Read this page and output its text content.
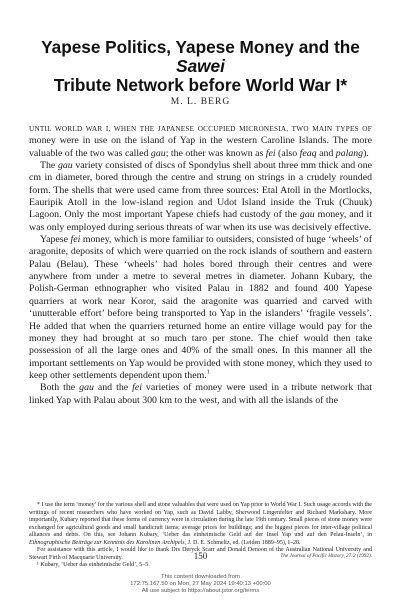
Yapese Politics, Yapese Money and the Sawei
Tribute Network before World War I*
M. L. BERG

UNTIL WORLD WAR I, WHEN THE JAPANESE OCCUPIED MICRONESIA, TWO MAIN TYPES OF money were in use on the island of Yap in the western Caroline Islands. The more valuable of the two was called gau; the other was known as fei (also feaq and palang).

The gau variety consisted of discs of Spondylus shell about three mm thick and one cm in diameter, bored through the centre and strung on strings in a crudely rounded form. The shells that were used came from three sources: Etal Atoll in the Mortlocks, Eauripik Atoll in the low-island region and Udot Island inside the Truk (Chuuk) Lagoon. Only the most important Yapese chiefs had custody of the gau money, and it was only employed during serious threats of war when its use was decisively effective.

Yapese fei money, which is more familiar to outsiders, consisted of huge ‘wheels’ of aragonite, deposits of which were quarried on the rock islands of southern and eastern Palau (Belau). These ‘wheels’ had holes bored through their centres and were anywhere from under a metre to several metres in diameter. Johann Kubary, the Polish-German ethnographer who visited Palau in 1882 and found 400 Yapese quarriers at work near Koror, said the aragonite was quarried and carved with ‘unutterable effort’ before being transported to Yap in the islanders’ ‘fragile vessels’. He added that when the quarriers returned home an entire village would pay for the money they had brought at so much taro per stone. The chief would then take possession of all the large ones and 40% of the small ones. In this manner all the important settlements on Yap would be provided with stone money, which they used to keep other settlements dependent upon them.$^1$

Both the gau and the fei varieties of money were used in a tribute network that linked Yap with Palau about 300 km to the west, and with all the islands of the

* I use the term ‘money’ for the various shell and stone valuables that were used on Yap prior to World War I. Such usage accords with the writings of recent researchers who have worked on Yap, such as David Labby, Sherwood Lingenfelter and Richard Markshary. More importantly, Kubary reported that these forms of currency were in circulation during the late 19th century. Small pieces of stone money were exchanged for agricultural goods and small handicraft items; average prices for buildings; and the biggest pieces for inter-village political alliances and debts. On this, see Johann Kubary, ‘Ueber das einheimische Geld auf der Insel Yap und auf den Pelau-Inseln’, in Ethnographische Beiträge zur Kenntnis des Karolinen Archipels, J. D. E. Schmeltz, ed. (Leiden 1889–95), I–28.

For assistance with this article, I would like to thank Drs Deryck Scarr and Donald Denoon of the Australian National University and Stewart Firth of Macquarie University.

¹ Kubary, ‘Ueber das einheimische Geld’, 5–5.

150	The Journal of Pacific History, 27:2 (1992).
This content downloaded from
172.75.167.50 on Mon, 27 May 2024 19:40:13 +00:00
All use subject to https://about.jstor.org/terms
